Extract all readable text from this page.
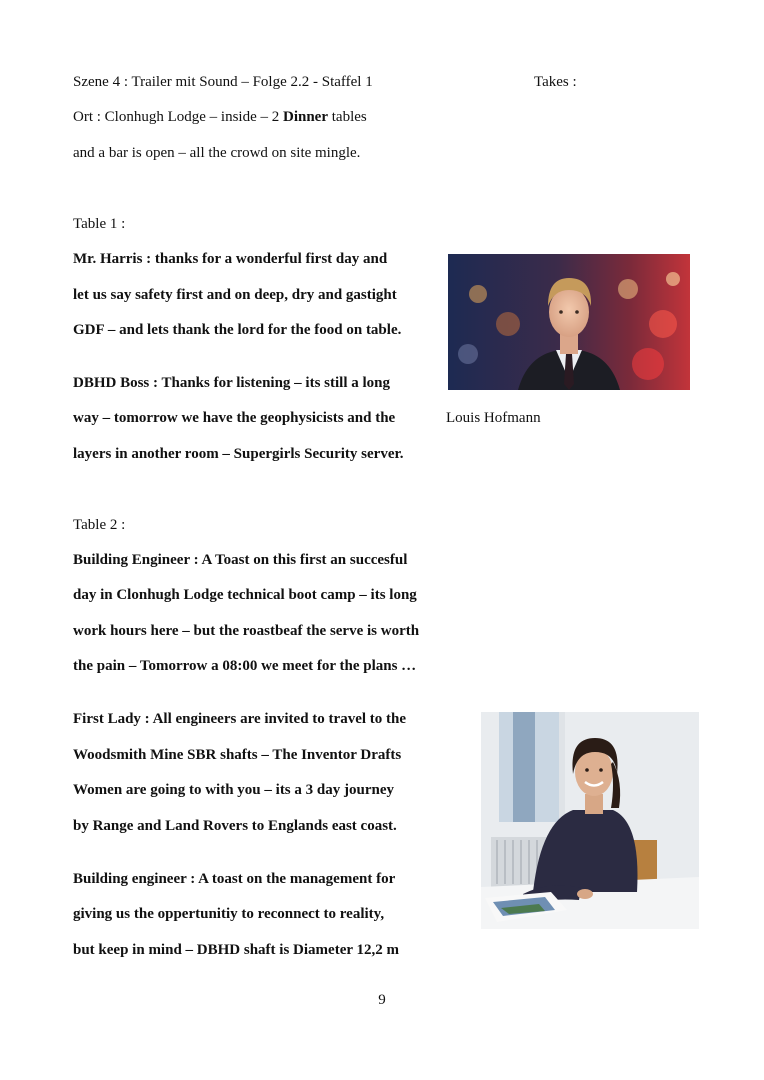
Szene 4 : Trailer mit Sound – Folge 2.2 - Staffel 1	Takes :
Ort : Clonhugh Lodge – inside – 2 Dinner tables
and a bar is open – all the crowd on site mingle.
Table 1 :
Mr. Harris : thanks for a wonderful first day and
let us say safety first and on deep, dry and gastight
GDF – and lets thank the lord for the food on table.
DBHD Boss : Thanks for listening – its still a long
way – tomorrow we have the geophysicists and the
layers in another room – Supergirls Security server.
Louis Hofmann
Table 2 :
Building Engineer : A Toast on this first an succesful
day in Clonhugh Lodge technical boot camp – its long
work hours here – but the roastbeaf the serve is worth
the pain – Tomorrow a 08:00 we meet for the plans …
First Lady : All engineers are invited to travel to the
Woodsmith Mine SBR shafts – The Inventor Drafts
Women are going to with you – its a 3 day journey
by Range and Land Rovers to Englands east coast.
Building engineer : A toast on the management for
giving us the oppertunitiy to reconnect to reality,
but keep in mind – DBHD shaft is Diameter 12,2 m
9
